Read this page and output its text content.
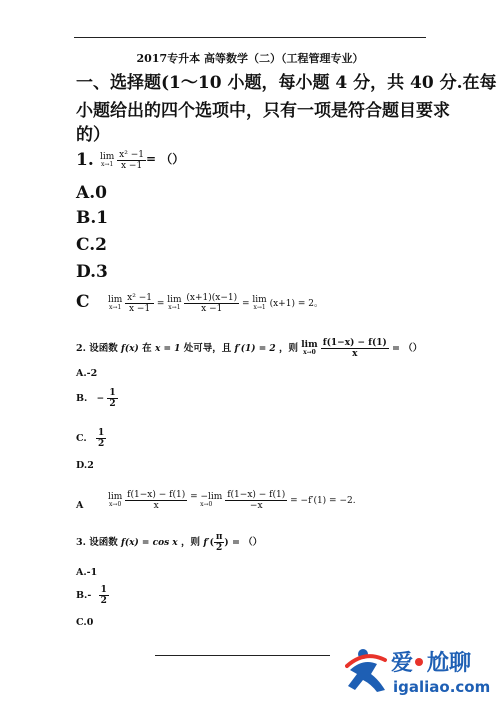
2017专升本 高等数学（二）（工程管理专业）
一、选择题(1～10 小题，每小题 4 分，共 40 分.在每
小题给出的四个选项中，只有一项是符合题目要求
的）
1. lim
x→1
$\frac{\text{x² −1}}{x -1}$ = （）
A.0
B.1
C.2
D.3
C lim
x→1
$\frac{\text{x² −1}}{x -1} = \lim$
x→1
$\frac{(x+1)(x-1)}{x -1} = \lim$
x→1 (x+1) = 2。
2. 设函数 f(x) 在 x = 1 处可导，且 f′(1) = 2 ，则 lim
x→0
$\frac{f(1-x) - f(1)}{x}$ = （）
A.-2
B. − $\frac{1}{2}$
C. $\frac{1}{2}$
D.2
A
lim
x→0
$\frac{f(1-x) - f(1)}{x} = -\lim$
x→0
	$\frac{f(1-x) - f(1)}{-x} = -f'(1) = -2$.
3. 设函数 f(x) = cos x ，则 $f'( \frac{\pi}{2}$ ) = （）
A.-1
$B.- \frac{1}{2}$
C.0
爱 尬聊
igaliao.com
